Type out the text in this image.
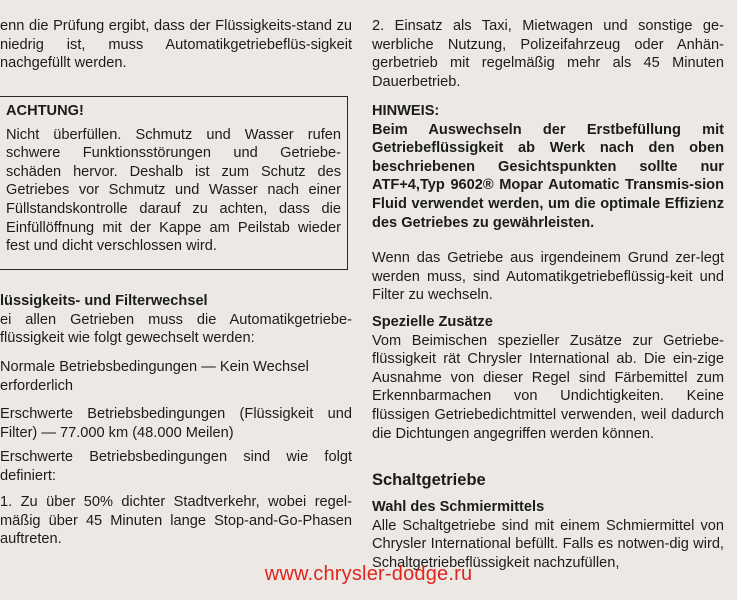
enn die Prüfung ergibt, dass der Flüssigkeits-stand zu niedrig ist, muss Automatikgetriebeflüs-sigkeit nachgefüllt werden.

ACHTUNG!

Nicht überfüllen. Schmutz und Wasser rufen schwere Funktionsstörungen und Getriebe-schäden hervor. Deshalb ist zum Schutz des Getriebes vor Schmutz und Wasser nach einer Füllstandskontrolle darauf zu achten, dass die Einfüllöffnung mit der Kappe am Peilstab wieder fest und dicht verschlossen wird.

lüssigkeits- und Filterwechsel

ei allen Getrieben muss die Automatikgetriebe-flüssigkeit wie folgt gewechselt werden:

Normale Betriebsbedingungen — Kein Wechsel erforderlich

Erschwerte Betriebsbedingungen (Flüssigkeit und Filter) — 77.000 km (48.000 Meilen)

Erschwerte Betriebsbedingungen sind wie folgt definiert:

1. Zu über 50% dichter Stadtverkehr, wobei regel-mäßig über 45 Minuten lange Stop-and-Go-Phasen auftreten.

2. Einsatz als Taxi, Mietwagen und sonstige ge-werbliche Nutzung, Polizeifahrzeug oder Anhän-gerbetrieb mit regelmäßig mehr als 45 Minuten Dauerbetrieb.

HINWEIS:

Beim Auswechseln der Erstbefüllung mit Getriebeflüssigkeit ab Werk nach den oben beschriebenen Gesichtspunkten sollte nur ATF+4,Typ 9602® Mopar Automatic Transmis-sion Fluid verwendet werden, um die optimale Effizienz des Getriebes zu gewährleisten.

Wenn das Getriebe aus irgendeinem Grund zer-legt werden muss, sind Automatikgetriebeflüssig-keit und Filter zu wechseln.

Spezielle Zusätze

Vom Beimischen spezieller Zusätze zur Getriebe-flüssigkeit rät Chrysler International ab. Die ein-zige Ausnahme von dieser Regel sind Färbemittel zum Erkennbarmachen von Undichtigkeiten. Keine flüssigen Getriebedichtmittel verwenden, weil dadurch die Dichtungen angegriffen werden können.

Schaltgetriebe

Wahl des Schmiermittels

Alle Schaltgetriebe sind mit einem Schmiermittel von Chrysler International befüllt. Falls es notwen-dig wird, Schaltgetriebeflüssigkeit nachzufüllen,

www.chrysler-dodge.ru
